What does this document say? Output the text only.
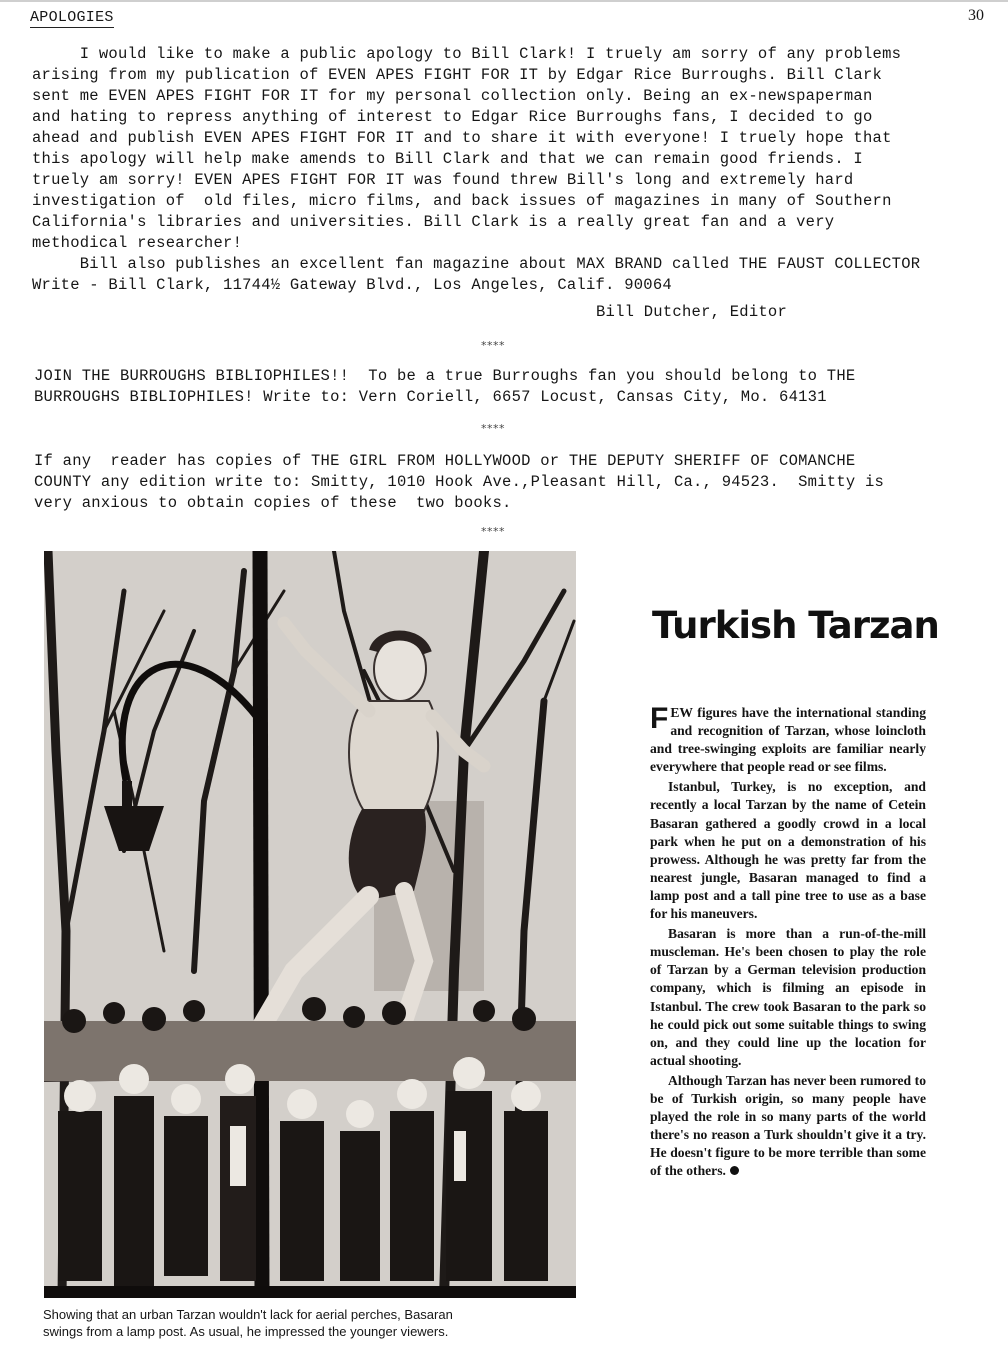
APOLOGIES	30
I would like to make a public apology to Bill Clark! I truely am sorry of any problems
arising from my publication of EVEN APES FIGHT FOR IT by Edgar Rice Burroughs. Bill Clark
sent me EVEN APES FIGHT FOR IT for my personal collection only. Being an ex-newspaperman
and hating to repress anything of interest to Edgar Rice Burroughs fans, I decided to go
ahead and publish EVEN APES FIGHT FOR IT and to share it with everyone! I truely hope that
this apology will help make amends to Bill Clark and that we can remain good friends. I
truely am sorry! EVEN APES FIGHT FOR IT was found threw Bill's long and extremely hard
investigation of  old files, micro films, and back issues of magazines in many of Southern
California's libraries and universities. Bill Clark is a really great fan and a very
methodical researcher!
Bill also publishes an excellent fan magazine about MAX BRAND called THE FAUST COLLECTOR
Write - Bill Clark, 11744½ Gateway Blvd., Los Angeles, Calif. 90064
Bill Dutcher, Editor
****
JOIN THE BURROUGHS BIBLIOPHILES!!  To be a true Burroughs fan you should belong to THE
BURROUGHS BIBLIOPHILES! Write to: Vern Coriell, 6657 Locust, Cansas City, Mo. 64131
****
If any  reader has copies of THE GIRL FROM HOLLYWOOD or THE DEPUTY SHERIFF OF COMANCHE
COUNTY any edition write to: Smitty, 1010 Hook Ave.,Pleasant Hill, Ca., 94523.  Smitty is
very anxious to obtain copies of these  two books.
****
Showing that an urban Tarzan wouldn't lack for aerial perches, Basaran
swings from a lamp post. As usual, he impressed the younger viewers.
Turkish Tarzan

FEW figures have the international standing and recognition of Tarzan, whose loincloth and tree-swinging exploits are familiar nearly everywhere that people read or see films.

Istanbul, Turkey, is no exception, and recently a local Tarzan by the name of Cetein Basaran gathered a goodly crowd in a local park when he put on a demonstration of his prowess. Although he was pretty far from the nearest jungle, Basaran managed to find a lamp post and a tall pine tree to use as a base for his maneuvers.

Basaran is more than a run-of-the-mill muscleman. He's been chosen to play the role of Tarzan by a German television production company, which is filming an episode in Istanbul. The crew took Basaran to the park so he could pick out some suitable things to swing on, and they could line up the location for actual shooting.

Although Tarzan has never been rumored to be of Turkish origin, so many people have played the role in so many parts of the world there's no reason a Turk shouldn't give it a try. He doesn't figure to be more terrible than some of the others.
